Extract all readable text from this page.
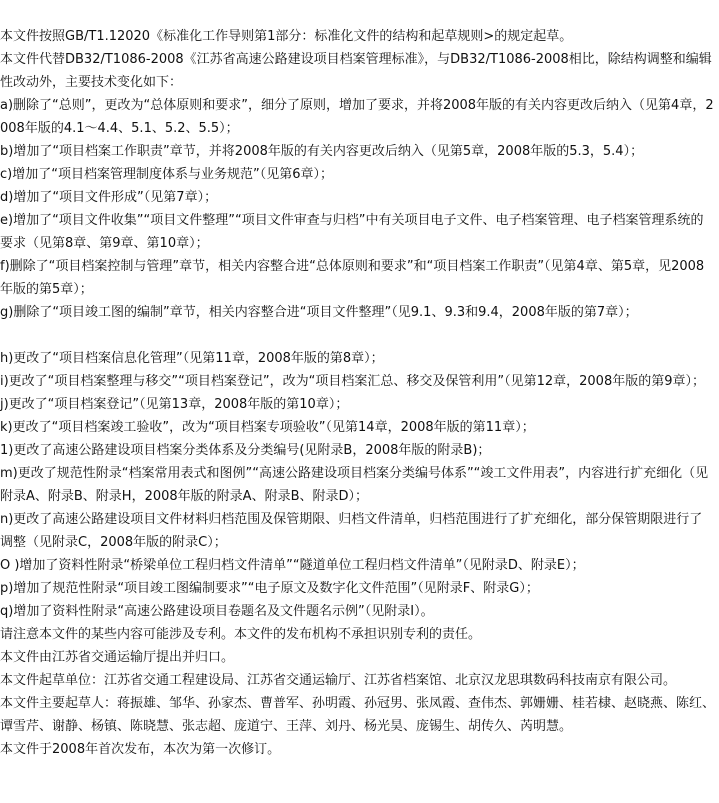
本文件按照GB/T1.12020《标准化工作导则第1部分：标准化文件的结构和起草规则>的规定起草。

本文件代替DB32/T1086-2008《江苏省高速公路建设项目档案管理标准》，与DB32/T1086-2008相比，除结构调整和编辑性改动外，主要技术变化如下：

a)删除了“总则”，更改为“总体原则和要求”，细分了原则，增加了要求，并将2008年版的有关内容更改后纳入（见第4章，2008年版的4.1～4.4、5.1、5.2、5.5）；

b)增加了“项目档案工作职责”章节，并将2008年版的有关内容更改后纳入（见第5章，2008年版的5.3，5.4）；

c)增加了“项目档案管理制度体系与业务规范”（见第6章）；

d)增加了“项目文件形成”（见第7章）；

e)增加了“项目文件收集”“项目文件整理”“项目文件审查与归档”中有关项目电子文件、电子档案管理、电子档案管理系统的要求（见第8章、第9章、第10章）；

f)删除了“项目档案控制与管理”章节，相关内容整合进“总体原则和要求”和“项目档案工作职责”（见第4章、第5章，见2008年版的第5章）；

g)删除了“项目竣工图的编制”章节，相关内容整合进“项目文件整理”（见9.1、9.3和9.4，2008年版的第7章）；

h)更改了“项目档案信息化管理”（见第11章，2008年版的第8章）；

i)更改了“项目档案整理与移交”“项目档案登记”，改为“项目档案汇总、移交及保管利用”（见第12章，2008年版的第9章）；

j)更改了“项目档案登记”（见第13章，2008年版的第10章）；

k)更改了“项目档案竣工验收”，改为“项目档案专项验收”（见第14章，2008年版的第11章）；

1)更改了高速公路建设项目档案分类体系及分类编号(见附录B，2008年版的附录B)；

m)更改了规范性附录“档案常用表式和图例”“高速公路建设项目档案分类编号体系”“竣工文件用表”，内容进行扩充细化（见附录A、附录B、附录H，2008年版的附录A、附录B、附录D）；

n)更改了高速公路建设项目文件材料归档范围及保管期限、归档文件清单，归档范围进行了扩充细化，部分保管期限进行了调整（见附录C，2008年版的附录C）；

O )增加了资料性附录“桥梁单位工程归档文件清单”“隧道单位工程归档文件清单”（见附录D、附录E）；

p)增加了规范性附录“项目竣工图编制要求”“电子原文及数字化文件范围”（见附录F、附录G）；

q)增加了资料性附录“高速公路建设项目卷题名及文件题名示例”（见附录I）。

请注意本文件的某些内容可能涉及专利。本文件的发布机构不承担识别专利的责任。

本文件由江苏省交通运输厅提出并归口。

本文件起草单位：江苏省交通工程建设局、江苏省交通运输厅、江苏省档案馆、北京汉龙思琪数码科技南京有限公司。

本文件主要起草人：蒋振雄、邹华、孙家杰、曹普军、孙明霞、孙冠男、张凤霞、查伟杰、郭姗姗、桂若棣、赵晓燕、陈红、谭雪芹、谢静、杨镇、陈晓慧、张志超、庞道宁、王萍、刘丹、杨光昊、庞锡生、胡传久、芮明慧。

本文件于2008年首次发布，本次为第一次修订。
